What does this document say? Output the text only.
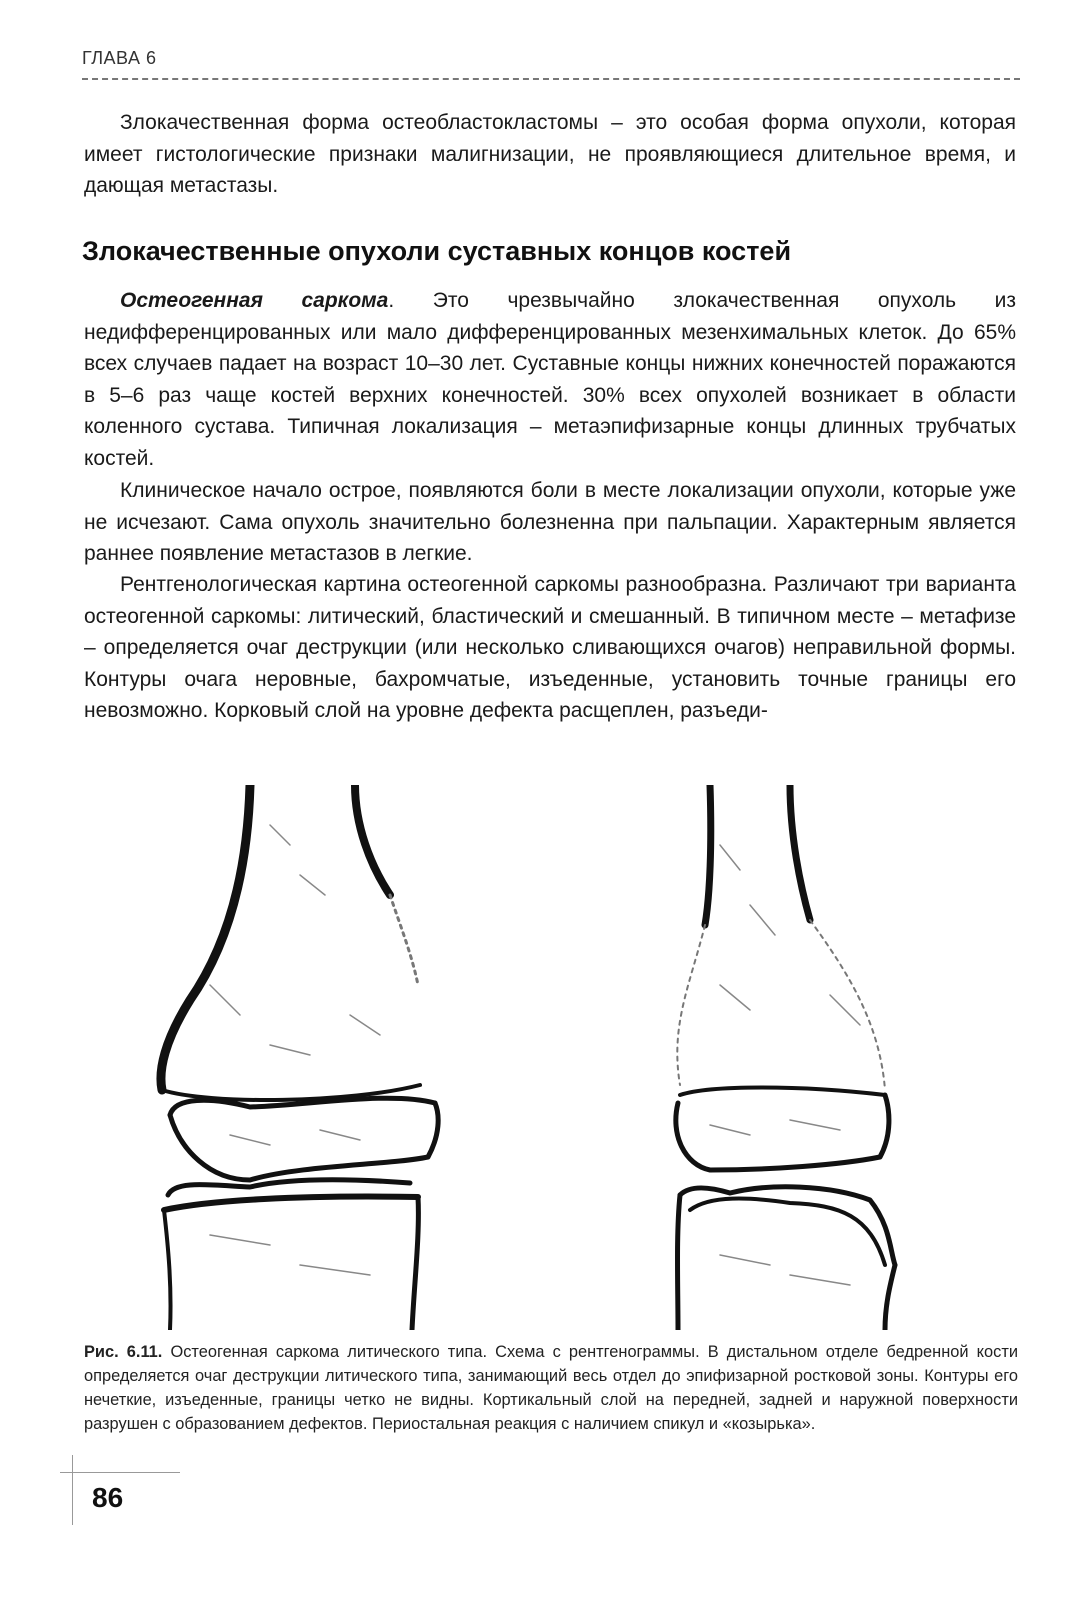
ГЛАВА 6

Злокачественная форма остеобластокластомы – это особая форма опухоли, которая имеет гистологические признаки малигнизации, не проявляющиеся длительное время, и дающая метастазы.

Злокачественные опухоли суставных концов костей

Остеогенная саркома. Это чрезвычайно злокачественная опухоль из недифференцированных или мало дифференцированных мезенхимальных клеток. До 65% всех случаев падает на возраст 10–30 лет. Суставные концы нижних конечностей поражаются в 5–6 раз чаще костей верхних конечностей. 30% всех опухолей возникает в области коленного сустава. Типичная локализация – метаэпифизарные концы длинных трубчатых костей.

Клиническое начало острое, появляются боли в месте локализации опухоли, которые уже не исчезают. Сама опухоль значительно болезненна при пальпации. Характерным является раннее появление метастазов в легкие.

Рентгенологическая картина остеогенной саркомы разнообразна. Различают три варианта остеогенной саркомы: литический, бластический и смешанный. В типичном месте – метафизе – определяется очаг деструкции (или несколько сливающихся очагов) неправильной формы. Контуры очага неровные, бахромчатые, изъеденные, установить точные границы его невозможно. Корковый слой на уровне дефекта расщеплен, разъеди-

Рис. 6.11. Остеогенная саркома литического типа. Схема с рентгенограммы. В дистальном отделе бедренной кости определяется очаг деструкции литического типа, занимающий весь отдел до эпифизарной ростковой зоны. Контуры его нечеткие, изъеденные, границы четко не видны. Кортикальный слой на передней, задней и наружной поверхности разрушен с образованием дефектов. Периостальная реакция с наличием спикул и «козырька».

86
